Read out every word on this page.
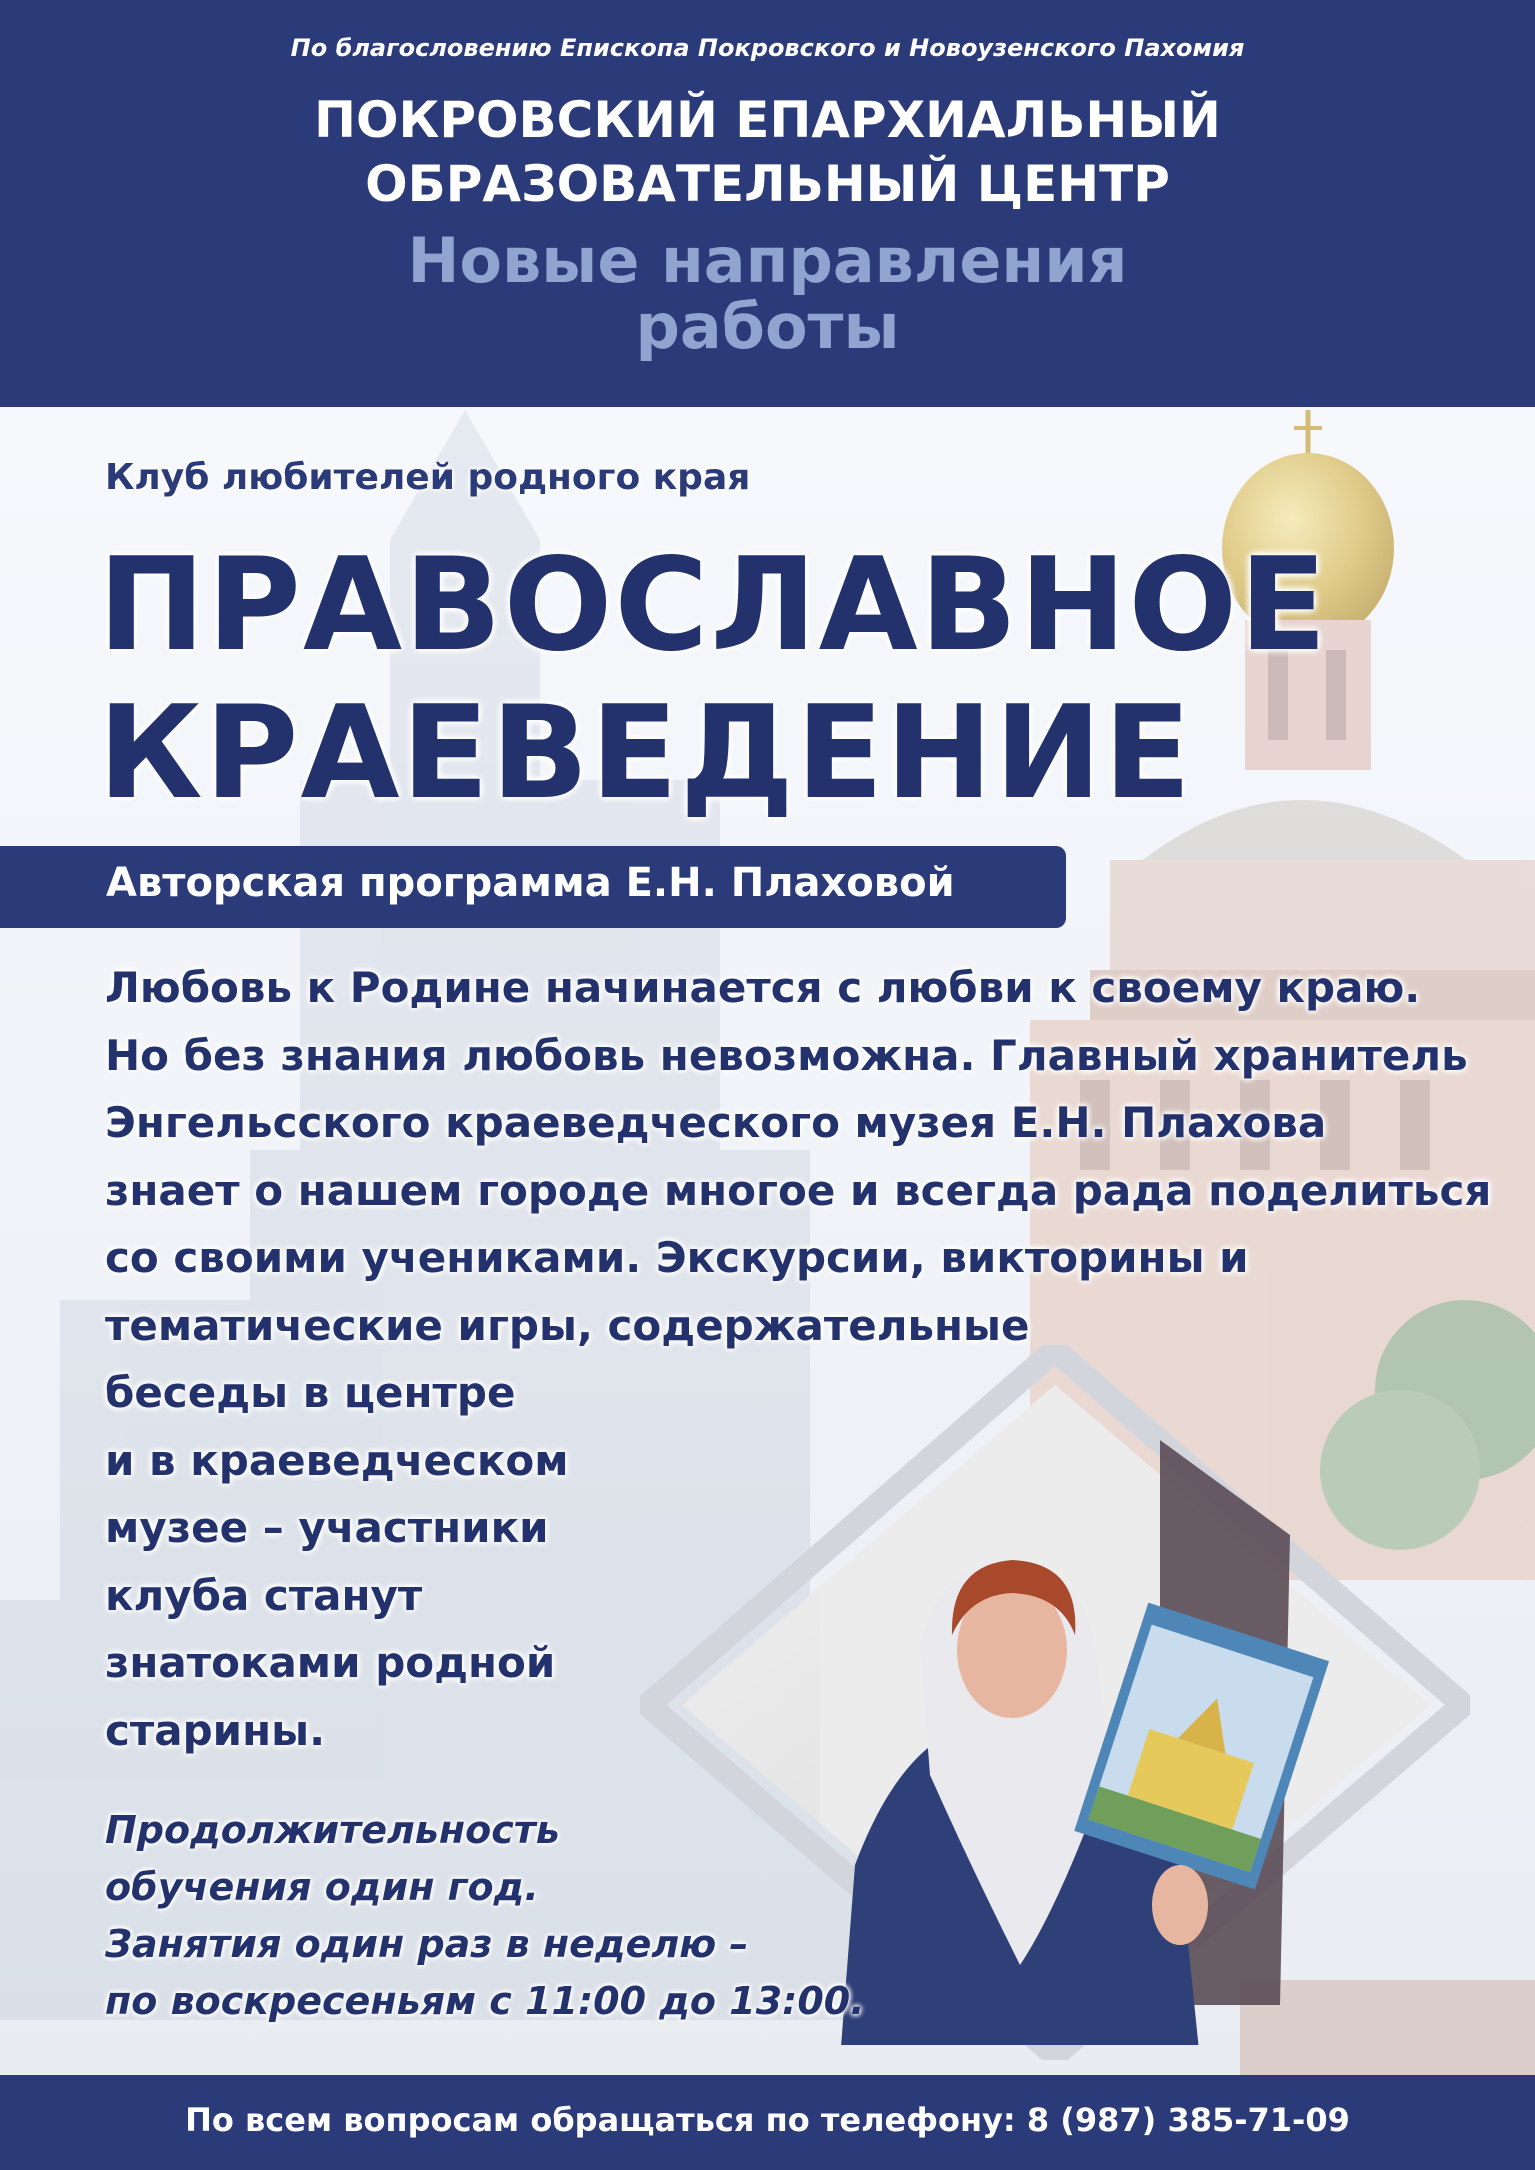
По благословению Епископа Покровского и Новоузенского Пахомия
ПОКРОВСКИЙ ЕПАРХИАЛЬНЫЙ
ОБРАЗОВАТЕЛЬНЫЙ ЦЕНТР
Новые направления
работы
Клуб любителей родного края
ПРАВОСЛАВНОЕ
КРАЕВЕДЕНИЕ
Авторская программа Е.Н. Плаховой
Любовь к Родине начинается с любви к своему краю.
Но без знания любовь невозможна. Главный хранитель
Энгельсского краеведческого музея Е.Н. Плахова
знает о нашем городе многое и всегда рада поделиться
со своими учениками. Экскурсии, викторины и
тематические игры, содержательные
беседы в центре
и в краеведческом
музее – участники
клуба станут
знатоками родной
старины.
Продолжительность
обучения один год.
Занятия один раз в неделю –
по воскресеньям с 11:00 до 13:00.
По всем вопросам обращаться по телефону: 8 (987) 385-71-09
